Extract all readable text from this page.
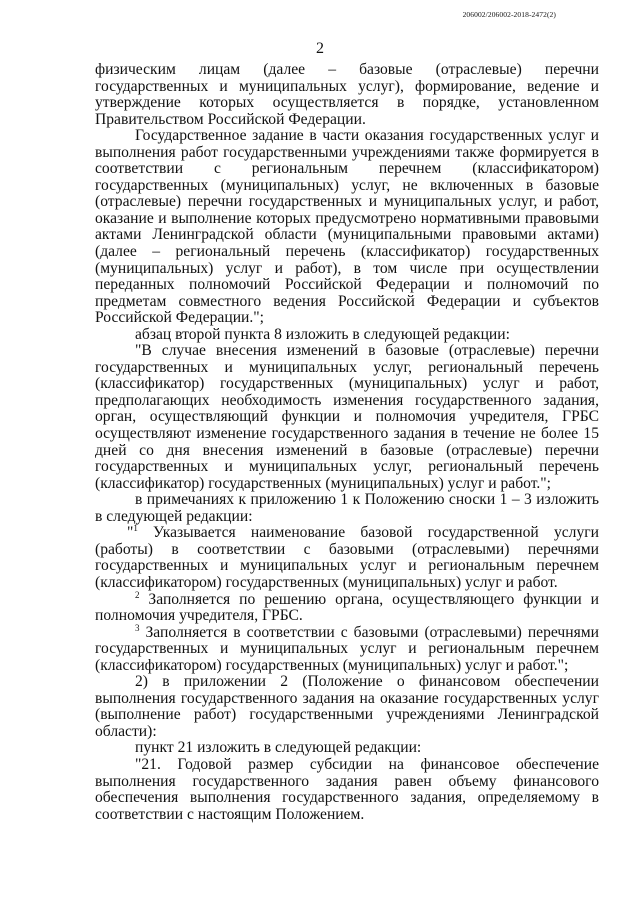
206002/206002-2018-2472(2)
2

физическим лицам (далее – базовые (отраслевые) перечни государственных и муниципальных услуг), формирование, ведение и утверждение которых осуществляется в порядке, установленном Правительством Российской Федерации.

Государственное задание в части оказания государственных услуг и выполнения работ государственными учреждениями также формируется в соответствии с региональным перечнем (классификатором) государственных (муниципальных) услуг, не включенных в базовые (отраслевые) перечни государственных и муниципальных услуг, и работ, оказание и выполнение которых предусмотрено нормативными правовыми актами Ленинградской области (муниципальными правовыми актами) (далее – региональный перечень (классификатор) государственных (муниципальных) услуг и работ), в том числе при осуществлении переданных полномочий Российской Федерации и полномочий по предметам совместного ведения Российской Федерации и субъектов Российской Федерации.";

абзац второй пункта 8 изложить в следующей редакции:

"В случае внесения изменений в базовые (отраслевые) перечни государственных и муниципальных услуг, региональный перечень (классификатор) государственных (муниципальных) услуг и работ, предполагающих необходимость изменения государственного задания, орган, осуществляющий функции и полномочия учредителя, ГРБС осуществляют изменение государственного задания в течение не более 15 дней со дня внесения изменений в базовые (отраслевые) перечни государственных и муниципальных услуг, региональный перечень (классификатор) государственных (муниципальных) услуг и работ.";

в примечаниях к приложению 1 к Положению сноски 1 – 3 изложить в следующей редакции:

"$^1$ Указывается наименование базовой государственной услуги (работы) в соответствии с базовыми (отраслевыми) перечнями государственных и муниципальных услуг и региональным перечнем (классификатором) государственных (муниципальных) услуг и работ.

$^2$ Заполняется по решению органа, осуществляющего функции и полномочия учредителя, ГРБС.

$^3$ Заполняется в соответствии с базовыми (отраслевыми) перечнями государственных и муниципальных услуг и региональным перечнем (классификатором) государственных (муниципальных) услуг и работ.";

2) в приложении 2 (Положение о финансовом обеспечении выполнения государственного задания на оказание государственных услуг (выполнение работ) государственными учреждениями Ленинградской области):

пункт 21 изложить в следующей редакции:

"21. Годовой размер субсидии на финансовое обеспечение выполнения государственного задания равен объему финансового обеспечения выполнения государственного задания, определяемому в соответствии с настоящим Положением.
